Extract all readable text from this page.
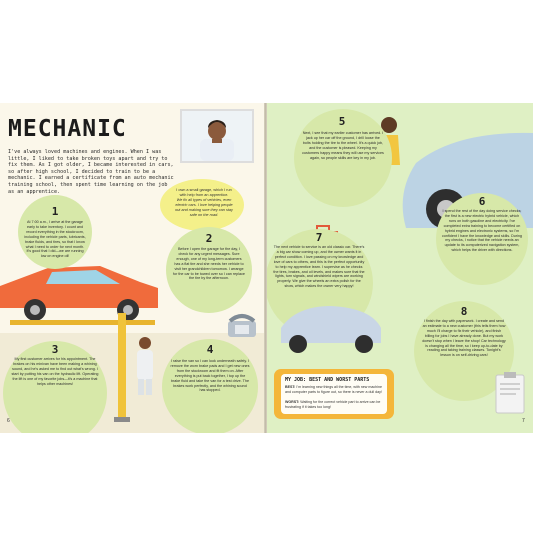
MECHANIC
I've always loved machines and engines. When I was little, I liked to take broken toys apart and try to fix them. As I got older, I became interested in cars, so after high school, I decided to train to be a mechanic. I earned a certificate from an auto mechanic training school, then spent time learning on the job as an apprentice.	I own a small garage, which I run with help from an apprentice.
We fix all types of vehicles, even electric cars. I love helping people out and making sure they can stay safe on the road.
1
At 7:00 a.m., I arrive at the garage early to take inventory. I count and record everything in the stockroom, including the vehicle parts, lubricants, brake fluids, and tires, so that I know what I need to order for next month. It's good that I did—we are running low on engine oil!
2
Before I open the garage for the day, I check for any urgent messages. Sure enough, one of my long-term customers has a flat tire and she needs her vehicle to visit her grandchildren tomorrow. I arrange for the car to be towed over so I can replace the tire by the afternoon.
3
My first customer arrives for his appointment. The brakes on his minivan have been making a whining sound, and he's asked me to find out what's wrong. I start by putting his van on the hydraulic lift. Operating the lift is one of my favorite jobs—it's a machine that helps other machines!
4
I raise the van so I can look underneath safely. I remove the worn brake pads and I get new ones from the stockroom and fit them on. After everything is put back together, I top up the brake fluid and take the van for a test drive. The brakes work perfectly, and the whining sound has stopped.
6
5
Next, I see that my earlier customer has arrived. I jack up her car off the ground, I drill loose the bolts holding the tire to the wheel. It's a quick job, and the customer is pleased. Keeping my customers happy means they will use my services again, so people skills are key in my job.
6
I spend the rest of the day doing service checks; the first is a new electric hybrid vehicle, which runs on both gasoline and electricity. I've completed extra training to become certified on hybrid engines and electronic systems, so I'm confident I have the knowledge and skills. During my checks, I notice that the vehicle needs an update to its computerized navigation system, which helps the driver with directions.
7
The next vehicle to service is an old classic car. There's a big car show coming up, and the owner wants it in perfect condition. I love passing on my knowledge and love of cars to others, and this is the perfect opportunity to help my apprentice learn. I supervise as he checks the tires, brakes, and oil levels, and makes sure that the lights, turn signals, and windshield wipers are working properly. We give the wheels an extra polish for the show, which makes the owner very happy!
8
I finish the day with paperwork. I create and send an estimate to a new customer (this tells them how much I'll charge to fix their vehicle), and finish billing for jobs I have already done. But my work doesn't stop when I leave the shop! Car technology is changing all the time, so I keep up-to-date by reading and taking training classes. Tonight's lesson is on self-driving cars!
7
MY JOB: BEST AND WORST PARTS
BEST: I'm learning new things all the time, with new machine and computer parts to figure out, so there is never a dull day!
WORST: Waiting for the correct vehicle part to arrive can be frustrating if it takes too long!
